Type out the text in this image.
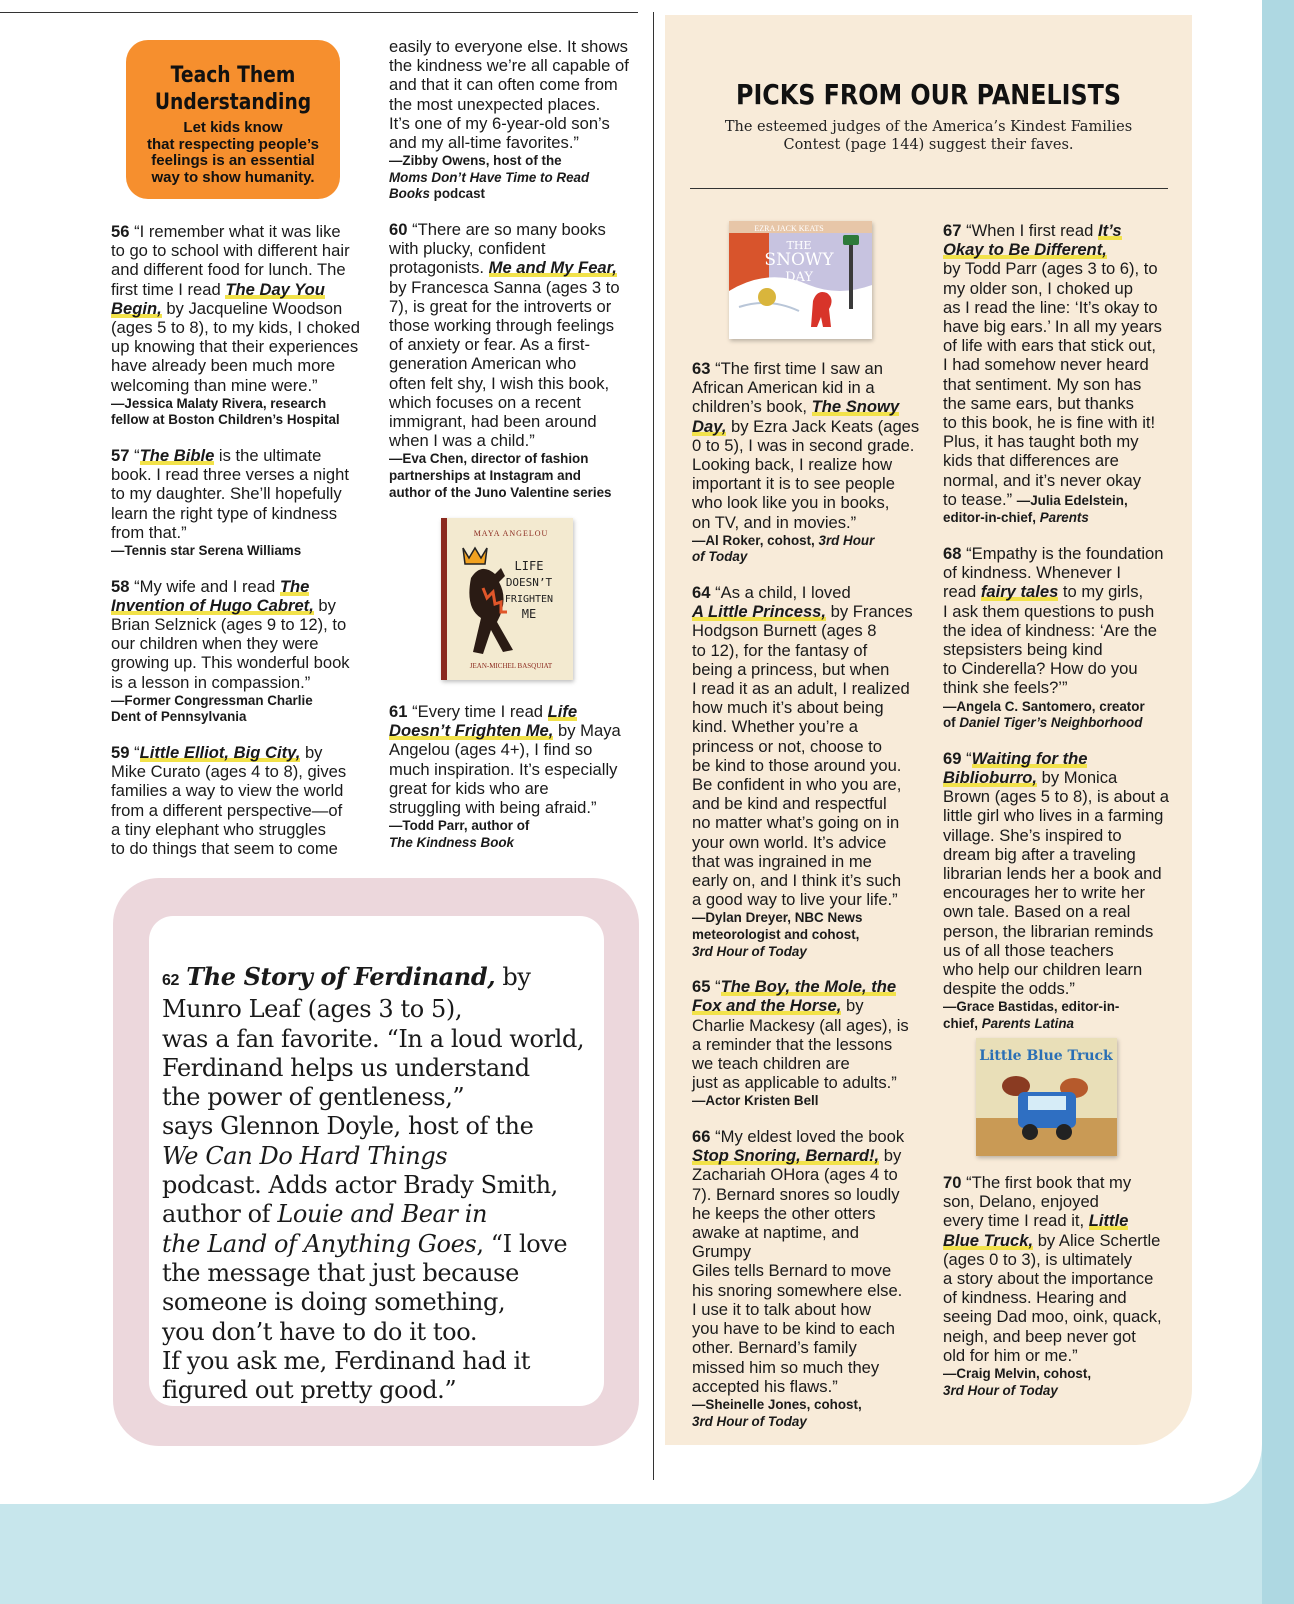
Teach Them
Understanding
Let kids know
that respecting people’s
feelings is an essential
way to show humanity.

56 “I remember what it was like

to go to school with different hair

and different food for lunch. The

first time I read The Day You

Begin, by Jacqueline Woodson

(ages 5 to 8), to my kids, I choked

up knowing that their experiences

have already been much more

welcoming than mine were.”

—Jessica Malaty Rivera, research
fellow at Boston Children’s Hospital

57 “The Bible is the ultimate

book. I read three verses a night

to my daughter. She’ll hopefully

learn the right type of kindness

from that.”

—Tennis star Serena Williams

58 “My wife and I read The

Invention of Hugo Cabret, by

Brian Selznick (ages 9 to 12), to

our children when they were

growing up. This wonderful book

is a lesson in compassion.”

—Former Congressman Charlie
Dent of Pennsylvania

59 “Little Elliot, Big City, by

Mike Curato (ages 4 to 8), gives

families a way to view the world

from a different perspective—of

a tiny elephant who struggles

to do things that seem to come

easily to everyone else. It shows

the kindness we’re all capable of

and that it can often come from

the most unexpected places.

It’s one of my 6-year-old son’s

and my all-time favorites.”

—Zibby Owens, host of the
Moms Don’t Have Time to Read
Books podcast

60 “There are so many books

with plucky, confident

protagonists. Me and My Fear,

by Francesca Sanna (ages 3 to

7), is great for the introverts or

those working through feelings

of anxiety or fear. As a first-

generation American who

often felt shy, I wish this book,

which focuses on a recent

immigrant, had been around

when I was a child.”

—Eva Chen, director of fashion
partnerships at Instagram and
author of the Juno Valentine series
MAYA ANGELOU
LIFE
DOESN’T
FRIGHTEN
ME
JEAN-MICHEL BASQUIAT

61 “Every time I read Life

Doesn’t Frighten Me, by Maya

Angelou (ages 4+), I find so

much inspiration. It’s especially

great for kids who are

struggling with being afraid.”

—Todd Parr, author of
The Kindness Book
62 The Story of Ferdinand, by
Munro Leaf (ages 3 to 5),
was a fan favorite. “In a loud world,
Ferdinand helps us understand
the power of gentleness,”
says Glennon Doyle, host of the
We Can Do Hard Things
podcast. Adds actor Brady Smith,
author of Louie and Bear in
the Land of Anything Goes, “I love
the message that just because
someone is doing something,
you don’t have to do it too.
If you ask me, Ferdinand had it
figured out pretty good.”
PICKS FROM OUR PANELISTS
The esteemed judges of the America’s Kindest Families
Contest (page 144) suggest their faves.
EZRA JACK KEATS
THE
SNOWY
DAY

63 “The first time I saw an

African American kid in a

children’s book, The Snowy

Day, by Ezra Jack Keats (ages

0 to 5), I was in second grade.

Looking back, I realize how

important it is to see people

who look like you in books,

on TV, and in movies.”

—Al Roker, cohost, 3rd Hour
of Today

64 “As a child, I loved

A Little Princess, by Frances

Hodgson Burnett (ages 8

to 12), for the fantasy of

being a princess, but when

I read it as an adult, I realized

how much it’s about being

kind. Whether you’re a

princess or not, choose to

be kind to those around you.

Be confident in who you are,

and be kind and respectful

no matter what’s going on in

your own world. It’s advice

that was ingrained in me

early on, and I think it’s such

a good way to live your life.”

—Dylan Dreyer, NBC News
meteorologist and cohost,
3rd Hour of Today

65 “The Boy, the Mole, the

Fox and the Horse, by

Charlie Mackesy (all ages), is

a reminder that the lessons

we teach children are

just as applicable to adults.”

—Actor Kristen Bell

66 “My eldest loved the book

Stop Snoring, Bernard!, by

Zachariah OHora (ages 4 to

7). Bernard snores so loudly

he keeps the other otters

awake at naptime, and Grumpy

Giles tells Bernard to move

his snoring somewhere else.

I use it to talk about how

you have to be kind to each

other. Bernard’s family

missed him so much they

accepted his flaws.”

—Sheinelle Jones, cohost,
3rd Hour of Today

67 “When I first read It’s

Okay to Be Different,

by Todd Parr (ages 3 to 6), to

my older son, I choked up

as I read the line: ‘It’s okay to

have big ears.’ In all my years

of life with ears that stick out,

I had somehow never heard

that sentiment. My son has

the same ears, but thanks

to this book, he is fine with it!

Plus, it has taught both my

kids that differences are

normal, and it’s never okay

to tease.” —Julia Edelstein,

editor-in-chief, Parents

68 “Empathy is the foundation

of kindness. Whenever I

read fairy tales to my girls,

I ask them questions to push

the idea of kindness: ‘Are the

stepsisters being kind

to Cinderella? How do you

think she feels?’”

—Angela C. Santomero, creator
of Daniel Tiger’s Neighborhood

69 “Waiting for the

Biblioburro, by Monica

Brown (ages 5 to 8), is about a

little girl who lives in a farming

village. She’s inspired to

dream big after a traveling

librarian lends her a book and

encourages her to write her

own tale. Based on a real

person, the librarian reminds

us of all those teachers

who help our children learn

despite the odds.”

—Grace Bastidas, editor-in-
chief, Parents Latina
Little Blue Truck

70 “The first book that my

son, Delano, enjoyed

every time I read it, Little

Blue Truck, by Alice Schertle

(ages 0 to 3), is ultimately

a story about the importance

of kindness. Hearing and

seeing Dad moo, oink, quack,

neigh, and beep never got

old for him or me.”

—Craig Melvin, cohost,
3rd Hour of Today
